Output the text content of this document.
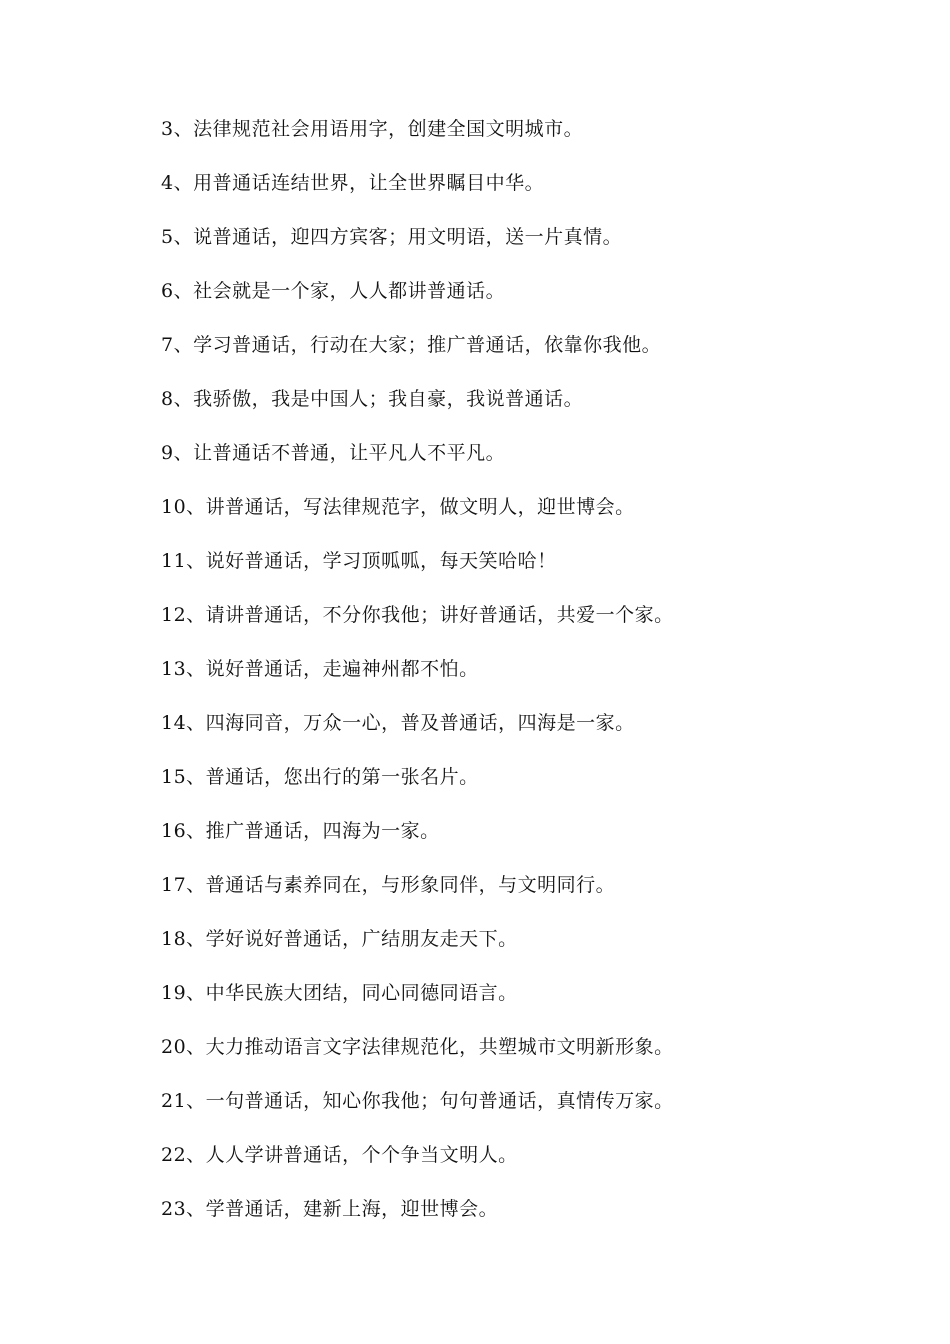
3、法律规范社会用语用字，创建全国文明城市。
4、用普通话连结世界，让全世界瞩目中华。
5、说普通话，迎四方宾客；用文明语，送一片真情。
6、社会就是一个家，人人都讲普通话。
7、学习普通话，行动在大家；推广普通话，依靠你我他。
8、我骄傲，我是中国人；我自豪，我说普通话。
9、让普通话不普通，让平凡人不平凡。
10、讲普通话，写法律规范字，做文明人，迎世博会。
11、说好普通话，学习顶呱呱，每天笑哈哈！
12、请讲普通话，不分你我他；讲好普通话，共爱一个家。
13、说好普通话，走遍神州都不怕。
14、四海同音，万众一心，普及普通话，四海是一家。
15、普通话，您出行的第一张名片。
16、推广普通话，四海为一家。
17、普通话与素养同在，与形象同伴，与文明同行。
18、学好说好普通话，广结朋友走天下。
19、中华民族大团结，同心同德同语言。
20、大力推动语言文字法律规范化，共塑城市文明新形象。
21、一句普通话，知心你我他；句句普通话，真情传万家。
22、人人学讲普通话，个个争当文明人。
23、学普通话，建新上海，迎世博会。
